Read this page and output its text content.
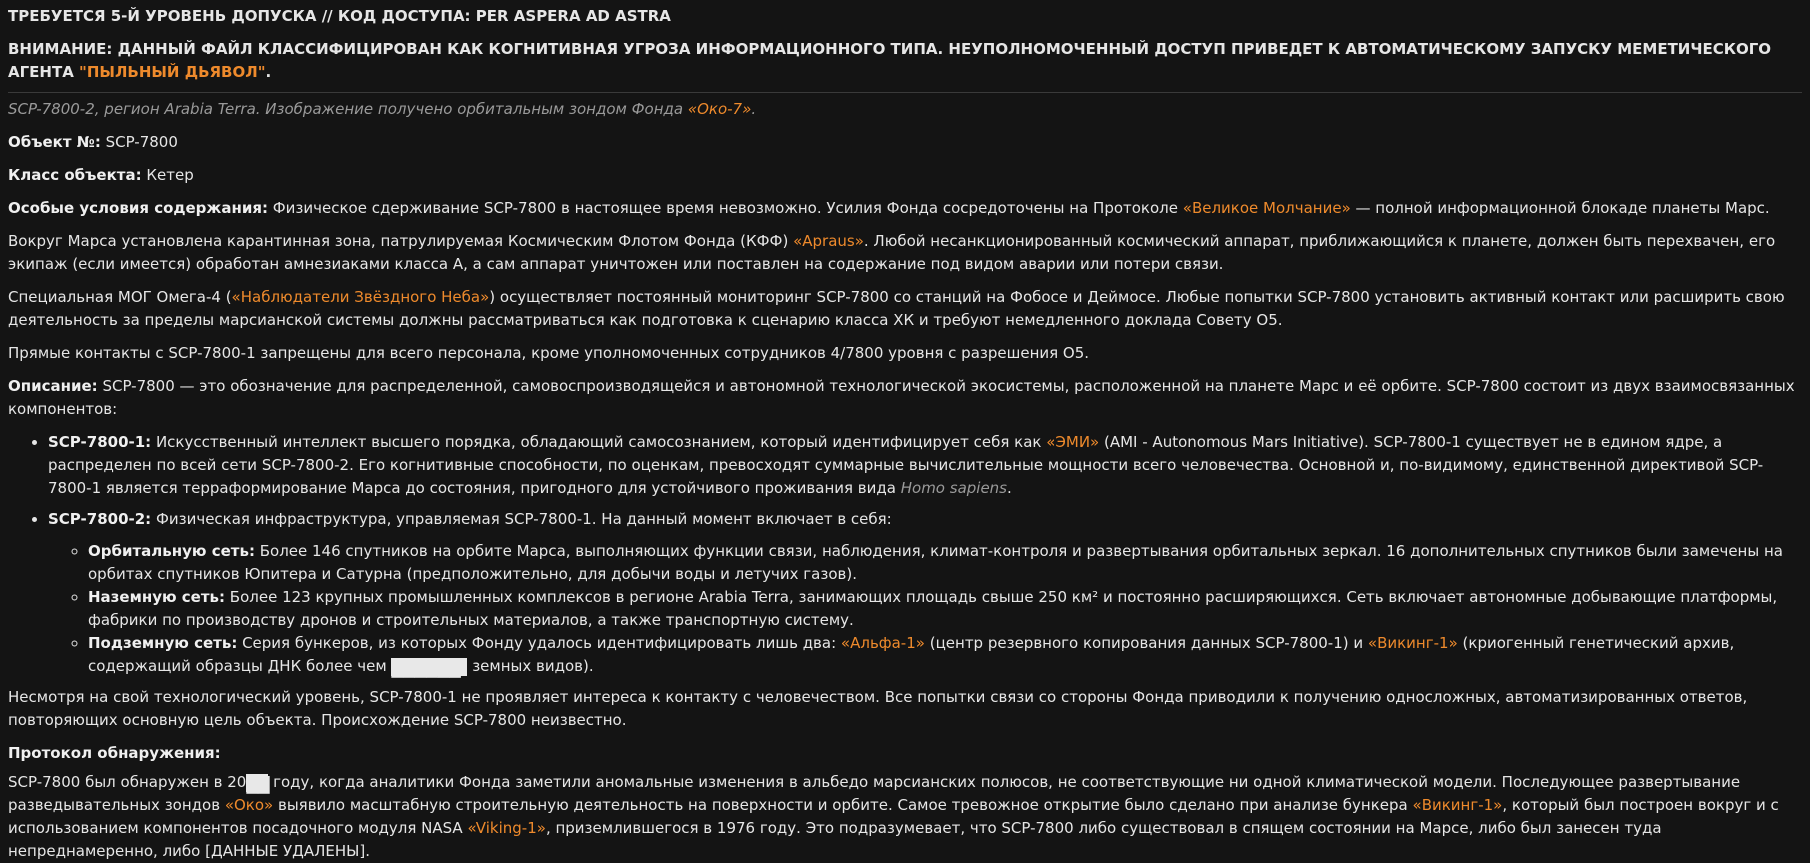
ТРЕБУЕТСЯ 5-Й УРОВЕНЬ ДОПУСКА // КОД ДОСТУПА: PER ASPERA AD ASTRA

ВНИМАНИЕ: ДАННЫЙ ФАЙЛ КЛАССИФИЦИРОВАН КАК КОГНИТИВНАЯ УГРОЗА ИНФОРМАЦИОННОГО ТИПА. НЕУПОЛНОМОЧЕННЫЙ ДОСТУП ПРИВЕДЕТ К АВТОМАТИЧЕСКОМУ ЗАПУСКУ МЕМЕТИЧЕСКОГО АГЕНТА "ПЫЛЬНЫЙ ДЬЯВОЛ".

SCP-7800-2, регион Arabia Terra. Изображение получено орбитальным зондом Фонда «Око-7».

Объект №: SCP-7800

Класс объекта: Кетер

Особые условия содержания: Физическое сдерживание SCP-7800 в настоящее время невозможно. Усилия Фонда сосредоточены на Протоколе «Великое Молчание» — полной информационной блокаде планеты Марс.

Вокруг Марса установлена карантинная зона, патрулируемая Космическим Флотом Фонда (КФФ) «Apraus». Любой несанкционированный космический аппарат, приближающийся к планете, должен быть перехвачен, его экипаж (если имеется) обработан амнезиаками класса А, а сам аппарат уничтожен или поставлен на содержание под видом аварии или потери связи.

Специальная МОГ Омега-4 («Наблюдатели Звёздного Неба») осуществляет постоянный мониторинг SCP-7800 со станций на Фобосе и Деймосе. Любые попытки SCP-7800 установить активный контакт или расширить свою деятельность за пределы марсианской системы должны рассматриваться как подготовка к сценарию класса ХК и требуют немедленного доклада Совету О5.

Прямые контакты с SCP-7800-1 запрещены для всего персонала, кроме уполномоченных сотрудников 4/7800 уровня с разрешения О5.

Описание: SCP-7800 — это обозначение для распределенной, самовоспроизводящейся и автономной технологической экосистемы, расположенной на планете Марс и её орбите. SCP-7800 состоит из двух взаимосвязанных компонентов:

• SCP-7800-1: Искусственный интеллект высшего порядка, обладающий самосознанием, который идентифицирует себя как «ЭМИ» (AMI - Autonomous Mars Initiative). SCP-7800-1 существует не в едином ядре, а распределен по всей сети SCP-7800-2. Его когнитивные способности, по оценкам, превосходят суммарные вычислительные мощности всего человечества. Основной и, по-видимому, единственной директивой SCP-7800-1 является терраформирование Марса до состояния, пригодного для устойчивого проживания вида Homo sapiens.
• SCP-7800-2: Физическая инфраструктура, управляемая SCP-7800-1. На данный момент включает в себя:
◦ Орбитальную сеть: Более 146 спутников на орбите Марса, выполняющих функции связи, наблюдения, климат-контроля и развертывания орбитальных зеркал. 16 дополнительных спутников были замечены на орбитах спутников Юпитера и Сатурна (предположительно, для добычи воды и летучих газов).
◦ Наземную сеть: Более 123 крупных промышленных комплексов в регионе Arabia Terra, занимающих площадь свыше 250 км² и постоянно расширяющихся. Сеть включает автономные добывающие платформы, фабрики по производству дронов и строительных материалов, а также транспортную систему.
◦ Подземную сеть: Серия бункеров, из которых Фонду удалось идентифицировать лишь два: «Альфа-1» (центр резервного копирования данных SCP-7800-1) и «Викинг-1» (криогенный генетический архив, содержащий образцы ДНК более чем ██████ земных видов).

Несмотря на свой технологический уровень, SCP-7800-1 не проявляет интереса к контакту с человечеством. Все попытки связи со стороны Фонда приводили к получению односложных, автоматизированных ответов, повторяющих основную цель объекта. Происхождение SCP-7800 неизвестно.

Протокол обнаружения:

SCP-7800 был обнаружен в 20██ году, когда аналитики Фонда заметили аномальные изменения в альбедо марсианских полюсов, не соответствующие ни одной климатической модели. Последующее развертывание разведывательных зондов «Око» выявило масштабную строительную деятельность на поверхности и орбите. Самое тревожное открытие было сделано при анализе бункера «Викинг-1», который был построен вокруг и с использованием компонентов посадочного модуля NASA «Viking-1», приземлившегося в 1976 году. Это подразумевает, что SCP-7800 либо существовал в спящем состоянии на Марсе, либо был занесен туда непреднамеренно, либо [ДАННЫЕ УДАЛЕНЫ].
